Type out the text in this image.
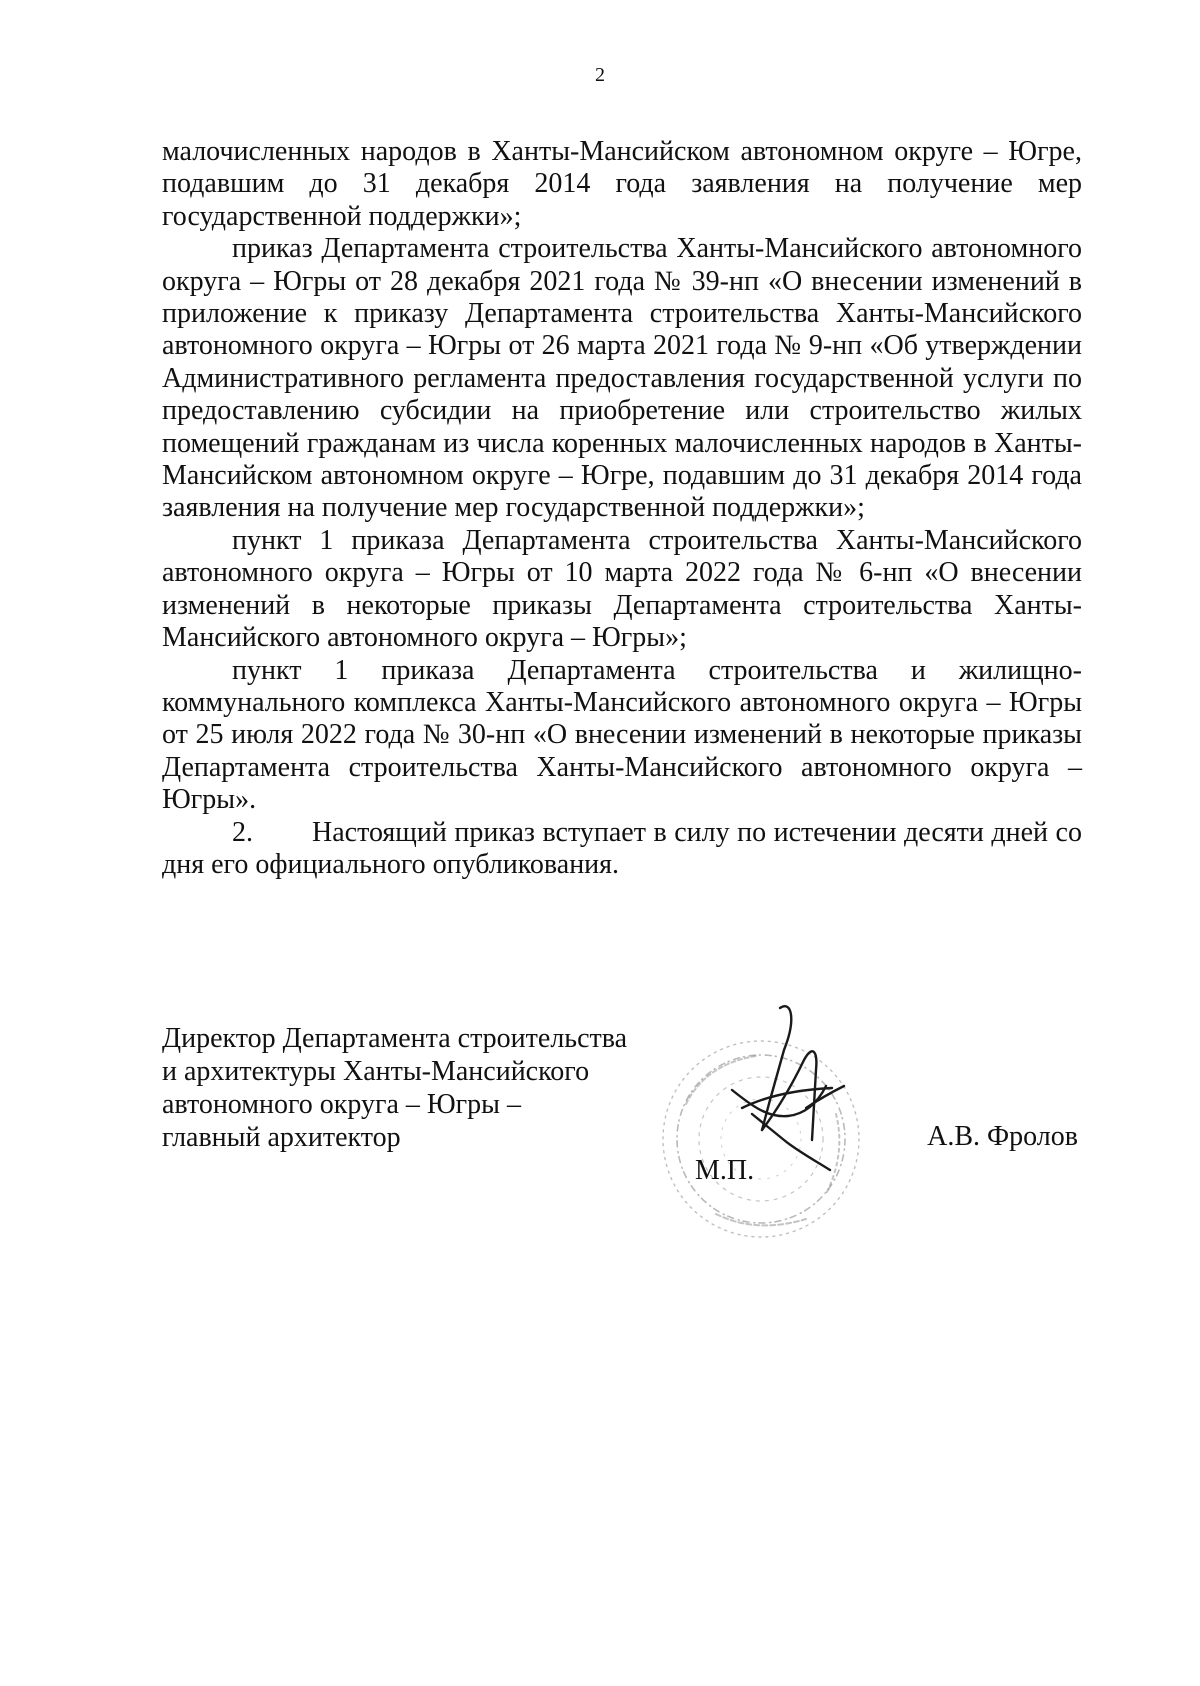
2

малочисленных народов в Ханты-Мансийском автономном округе – Югре, подавшим до 31 декабря 2014 года заявления на получение мер государственной поддержки»;

приказ Департамента строительства Ханты-Мансийского автономного округа – Югры от 28 декабря 2021 года № 39-нп «О внесении изменений в приложение к приказу Департамента строительства Ханты-Мансийского автономного округа – Югры от 26 марта 2021 года № 9-нп «Об утверждении Административного регламента предоставления государственной услуги по предоставлению субсидии на приобретение или строительство жилых помещений гражданам из числа коренных малочисленных народов в Ханты-Мансийском автономном округе – Югре, подавшим до 31 декабря 2014 года заявления на получение мер государственной поддержки»;

пункт 1 приказа Департамента строительства Ханты-Мансийского автономного округа – Югры от 10 марта 2022 года № 6-нп «О внесении изменений в некоторые приказы Департамента строительства Ханты-Мансийского автономного округа – Югры»;

пункт 1 приказа Департамента строительства и жилищно-коммунального комплекса Ханты-Мансийского автономного округа – Югры от 25 июля 2022 года № 30-нп «О внесении изменений в некоторые приказы Департамента строительства Ханты-Мансийского автономного округа – Югры».

2. Настоящий приказ вступает в силу по истечении десяти дней со дня его официального опубликования.

Директор Департамента строительства
и архитектуры Ханты-Мансийского
автономного округа – Югры –
главный архитектор
М.П.
А.В. Фролов
